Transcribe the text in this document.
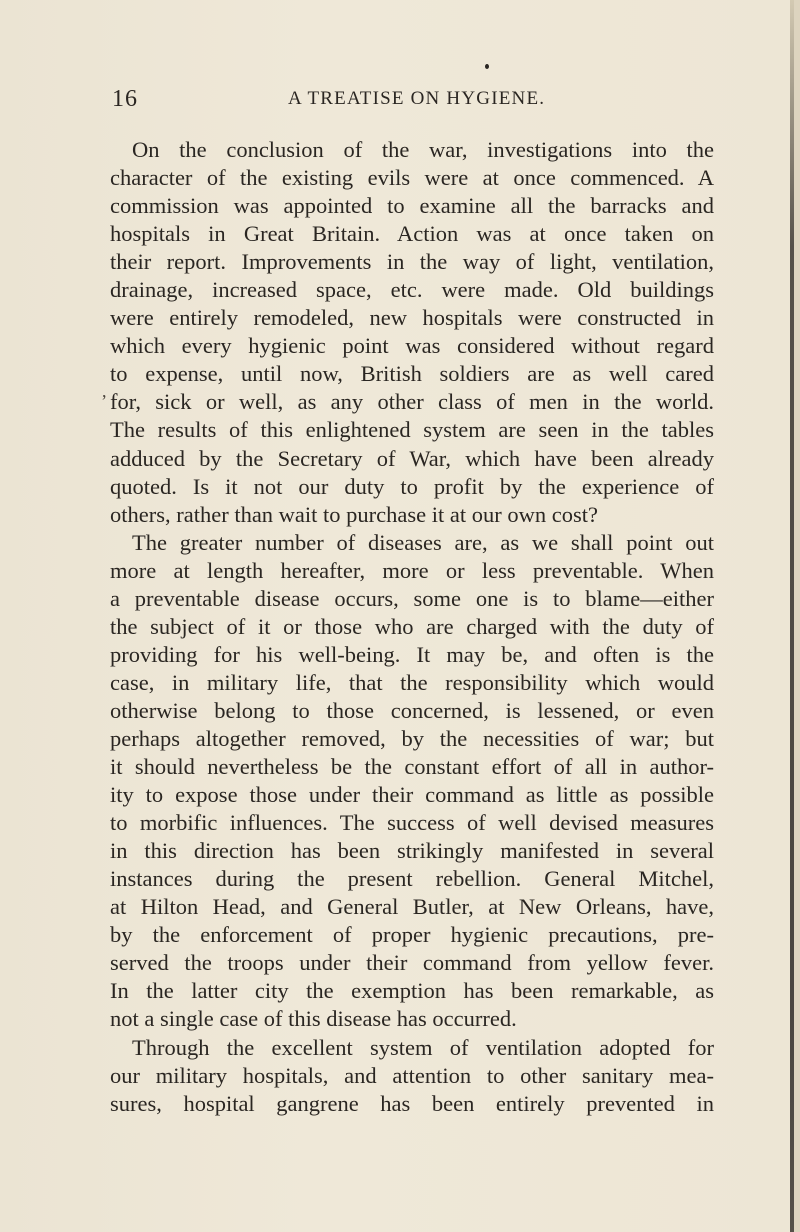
16	A TREATISE ON HYGIENE.
,
On the conclusion of the war, investigations into the
character of the existing evils were at once commenced. A
commission was appointed to examine all the barracks and
hospitals in Great Britain. Action was at once taken on
their report. Improvements in the way of light, ventilation,
drainage, increased space, etc. were made. Old buildings
were entirely remodeled, new hospitals were constructed in
which every hygienic point was considered without regard
to expense, until now, British soldiers are as well cared
for, sick or well, as any other class of men in the world.
The results of this enlightened system are seen in the tables
adduced by the Secretary of War, which have been already
quoted. Is it not our duty to profit by the experience of
others, rather than wait to purchase it at our own cost?
The greater number of diseases are, as we shall point out
more at length hereafter, more or less preventable. When
a preventable disease occurs, some one is to blame—either
the subject of it or those who are charged with the duty of
providing for his well-being. It may be, and often is the
case, in military life, that the responsibility which would
otherwise belong to those concerned, is lessened, or even
perhaps altogether removed, by the necessities of war; but
it should nevertheless be the constant effort of all in author-
ity to expose those under their command as little as possible
to morbific influences. The success of well devised measures
in this direction has been strikingly manifested in several
instances during the present rebellion. General Mitchel,
at Hilton Head, and General Butler, at New Orleans, have,
by the enforcement of proper hygienic precautions, pre-
served the troops under their command from yellow fever.
In the latter city the exemption has been remarkable, as
not a single case of this disease has occurred.
Through the excellent system of ventilation adopted for
our military hospitals, and attention to other sanitary mea-
sures, hospital gangrene has been entirely prevented in
